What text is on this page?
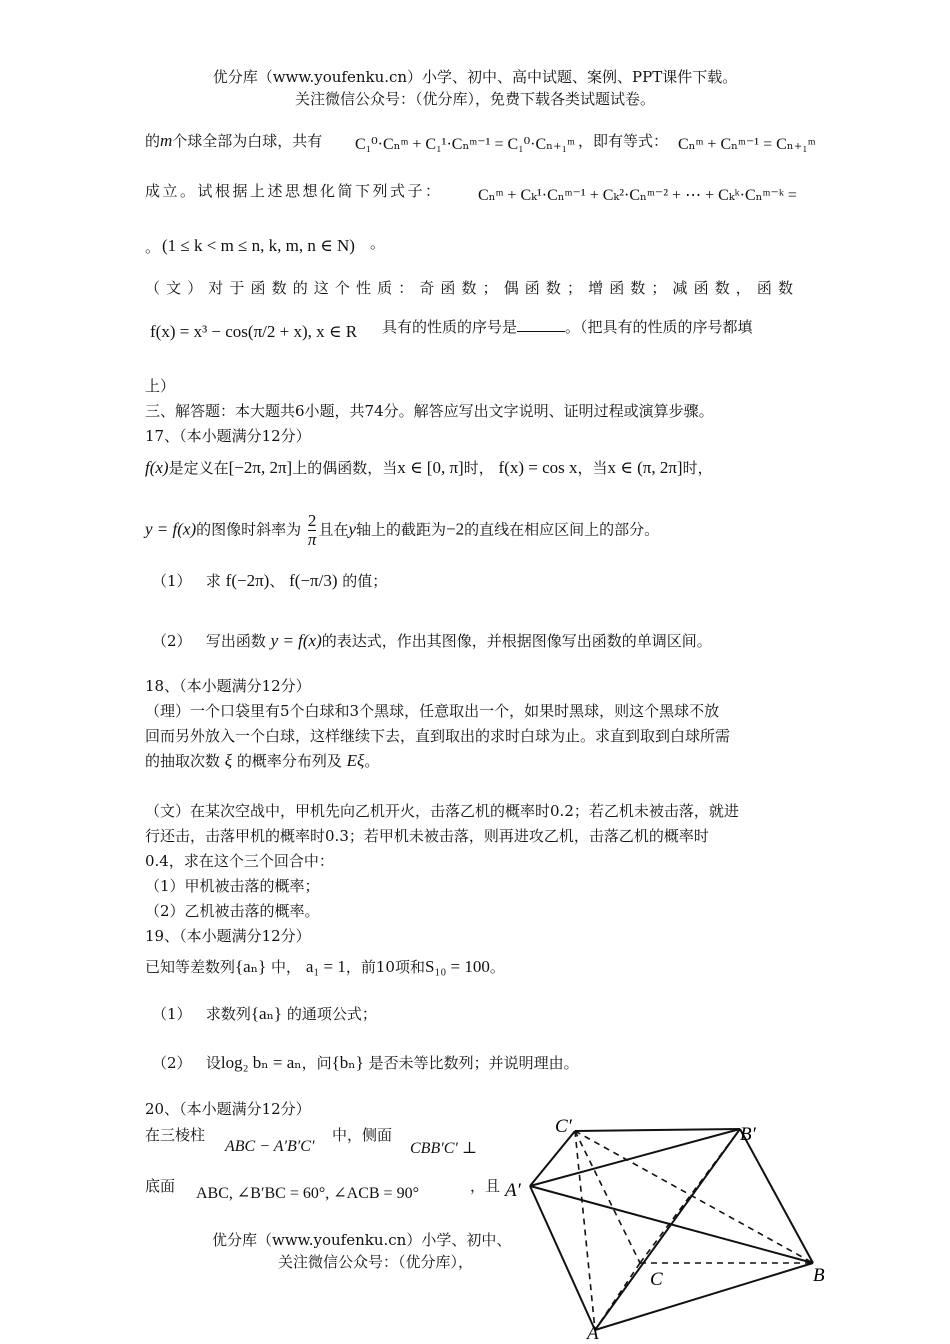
优分库（www.youfenku.cn）小学、初中、高中试题、案例、PPT课件下载。
关注微信公众号：（优分库），免费下载各类试题试卷。
的m个球全部为白球，共有 C₁⁰·Cₙᵐ + C₁¹·Cₙᵐ⁻¹ = C₁⁰·Cₙ₊₁ᵐ ，即有等式： Cₙᵐ + Cₙᵐ⁻¹ = Cₙ₊₁ᵐ
成立。试根据上述思想化简下列式子： Cₙᵐ + Cₖ¹·Cₙᵐ⁻¹ + Cₖ²·Cₙᵐ⁻² + ⋯ + Cₖᵏ·Cₙᵐ⁻ᵏ =
。 (1 ≤ k < m ≤ n, k, m, n ∈ N) 。
（文）对于函数的这个性质：奇函数；偶函数；增函数；减函数，函数
f(x) = x³ − cos(π/2 + x), x ∈ R 具有的性质的序号是	。（把具有的性质的序号都填
上）
三、解答题：本大题共6小题，共74分。解答应写出文字说明、证明过程或演算步骤。
17、（本小题满分12分）
f(x)是定义在[−2π, 2π]上的偶函数，当x ∈ [0, π]时， f(x) = cos x，当x ∈ (π, 2π]时，
y = f(x)的图像时斜率为 $\frac{2}{\pi}$ 且在y轴上的截距为−2的直线在相应区间上的部分。
（1） 求 f(−2π)、 f(−π/3) 的值；
（2） 写出函数 y = f(x)的表达式，作出其图像，并根据图像写出函数的单调区间。
18、（本小题满分12分）
（理）一个口袋里有5个白球和3个黑球，任意取出一个，如果时黑球，则这个黑球不放
回而另外放入一个白球，这样继续下去，直到取出的求时白球为止。求直到取到白球所需
的抽取次数 ξ 的概率分布列及 Eξ。
（文）在某次空战中，甲机先向乙机开火，击落乙机的概率时0.2；若乙机未被击落，就进
行还击，击落甲机的概率时0.3；若甲机未被击落，则再进攻乙机，击落乙机的概率时
0.4，求在这个三个回合中：
（1）甲机被击落的概率；
（2）乙机被击落的概率。
19、（本小题满分12分）
已知等差数列{aₙ} 中， a₁ = 1，前10项和S₁₀ = 100。
（1） 求数列{aₙ} 的通项公式；
（2） 设log₂ bₙ = aₙ，问{bₙ} 是否未等比数列；并说明理由。
20、（本小题满分12分）
在三棱柱
ABC − A′B′C′
中，侧面
CBB′C′ ⊥
底面 ABC, ∠B′BC = 60°, ∠ACB = 90°	，且
优分库（www.youfenku.cn）小学、初中、
关注微信公众号：（优分库），
C′	B′
A′
C	B
A
